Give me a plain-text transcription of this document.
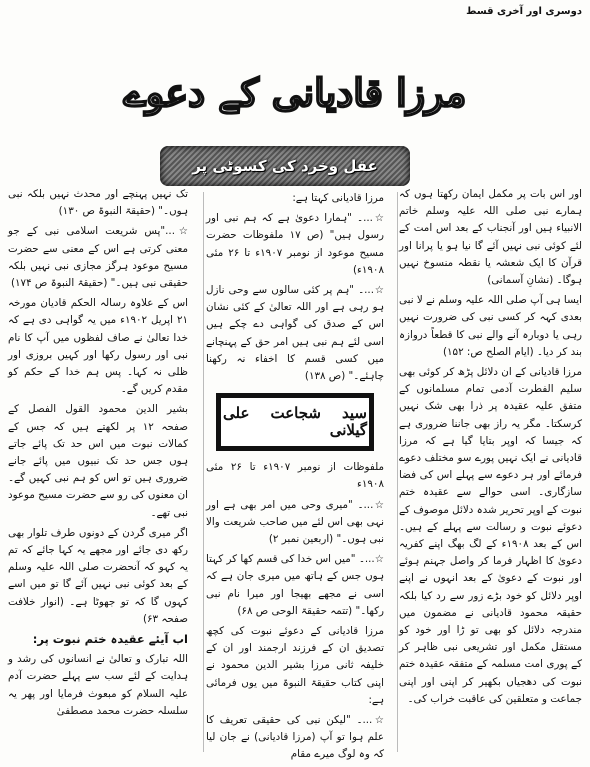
دوسری اور آخری قسط
مرزا قادیانی کے دعوے
عقل وخرد کی کسوٹی پر

اور اس بات پر مکمل ایمان رکھتا ہوں کہ ہمارے نبی صلی اللہ علیہ وسلم خاتم الانبیاء ہیں اور آنجناب کے بعد اس امت کے لئے کوئی نبی نہیں آئے گا نیا ہو یا پرانا اور قرآن کا ایک شعشہ یا نقطہ منسوخ نہیں ہوگا۔ (نشانِ آسمانی)

ایسا ہی آپ صلی اللہ علیہ وسلم نے لا نبی بعدی کہہ کر کسی نبی کی ضرورت نہیں رہی یا دوبارہ آنے والے نبی کا قطعاً دروازہ بند کر دیا۔ (ایام الصلح ص: ۱۵۲)

مرزا قادیانی کے ان دلائل پڑھ کر کوئی بھی سلیم الفطرت آدمی تمام مسلمانوں کے متفق علیہ عقیدہ پر ذرا بھی شک نہیں کرسکتا۔ مگر یہ راز بھی جاننا ضروری ہے کہ جیسا کہ اوپر بتایا گیا ہے کہ مرزا قادیانی نے ایک نہیں پورے سو مختلف دعوے فرمائے اور ہر دعوے سے پہلے اس کی فضا سازگاری۔ اسی حوالے سے عقیدہ ختم نبوت کے اوپر تحریر شدہ دلائل موصوف کے دعوئے نبوت و رسالت سے پہلے کے ہیں۔ اس کے بعد ۱۹۰۸ء کے لگ بھگ اپنے کفریہ دعویٰ کا اظہار فرما کر واصل جہنم ہوئے اور نبوت کے دعویٰ کے بعد انہوں نے اپنے اوپر دلائل کو خود بڑے زور سے رد کیا بلکہ حقیقہ محمود قادیانی نے مضمون میں مندرجہ دلائل کو بھی تو ڑا اور خود کو مستقل مکمل اور تشریعی نبی ظاہر کر کے پوری امت مسلمہ کے متفقہ عقیدہ ختم نبوت کی دھجیاں بکھیر کر اپنی اور اپنی جماعت و متعلقین کی عاقبت خراب کی۔

مرزا قادیانی کہتا ہے:

☆...۔ "ہمارا دعویٰ ہے کہ ہم نبی اور رسول ہیں" (ص ۱۷ ملفوظات حضرت مسیح موعود از نومبر ۱۹۰۷ء تا ۲۶ مئی ۱۹۰۸ء)

☆...۔ "ہم پر کئی سالوں سے وحی نازل ہو رہی ہے اور اللہ تعالیٰ کے کئی نشان اس کے صدق کی گواہی دے چکے ہیں اسی لئے ہم نبی ہیں امر حق کے پہنچانے میں کسی قسم کا اخفاء نہ رکھنا چاہئے۔" (ص ۱۳۸)

سید شجاعت علی گیلانی

ملفوظات از نومبر ۱۹۰۷ء تا ۲۶ مئی ۱۹۰۸ء

☆...۔ "میری وحی میں امر بھی ہے اور نہی بھی اس لئے میں صاحب شریعت والا نبی ہوں۔" (اربعین نمبر ۲)

☆...۔ "میں اس خدا کی قسم کھا کر کہتا ہوں جس کے ہاتھ میں میری جان ہے کہ اسی نے مجھے بھیجا اور میرا نام نبی رکھا۔" (تتمہ حقیقۃ الوحی ص ۶۸)

مرزا قادیانی کے دعوئے نبوت کی کچھ تصدیق ان کے فرزند ارجمند اور ان کے خلیفہ ثانی مرزا بشیر الدین محمود نے اپنی کتاب حقیقۃ النبوۃ میں یوں فرمائی ہے:

☆...۔ "لیکن نبی کی حقیقی تعریف کا علم ہوا تو آپ (مرزا قادیانی) نے جان لیا کہ وہ لوگ میرے مقام

تک نہیں پہنچے اور محدث نہیں بلکہ نبی ہوں۔" (حقیقۃ النبوۃ ص ۱۳۰)

☆..."پس شریعت اسلامی نبی کے جو معنی کرتی ہے اس کے معنی سے حضرت مسیح موعود ہرگز مجازی نبی نہیں بلکہ حقیقی نبی ہیں۔" (حقیقۃ النبوۃ ص ۱۷۴)

اس کے علاوہ رسالہ الحکم قادیان مورخہ ۲۱ اپریل ۱۹۰۲ء میں یہ گواہی دی ہے کہ خدا تعالیٰ نے صاف لفظوں میں آپ کا نام نبی اور رسول رکھا اور کہیں بروزی اور ظلی نہ کہا۔ پس ہم خدا کے حکم کو مقدم کریں گے۔

بشیر الدین محمود القول الفصل کے صفحہ ۱۲ پر لکھتے ہیں کہ جس کے کمالات نبوت میں اس حد تک پائے جاتے ہوں جس حد تک نبیوں میں پائے جانے ضروری ہیں تو اس کو ہم نبی کہیں گے۔ ان معنوں کی رو سے حضرت مسیح موعود نبی تھے۔

اگر میری گردن کے دونوں طرف تلوار بھی رکھ دی جائے اور مجھے یہ کہا جائے کہ تم یہ کہو کہ آنحضرت صلی اللہ علیہ وسلم کے بعد کوئی نبی نہیں آئے گا تو میں اسے کہوں گا کہ تو جھوٹا ہے۔ (انوار خلافت صفحہ ۶۳)

اب آیئے عقیدہ ختم نبوت پر:

اللہ تبارک و تعالیٰ نے انسانوں کی رشد و ہدایت کے لئے سب سے پہلے حضرت آدم علیہ السلام کو مبعوث فرمایا اور پھر یہ سلسلہ حضرت محمد مصطفیٰ
